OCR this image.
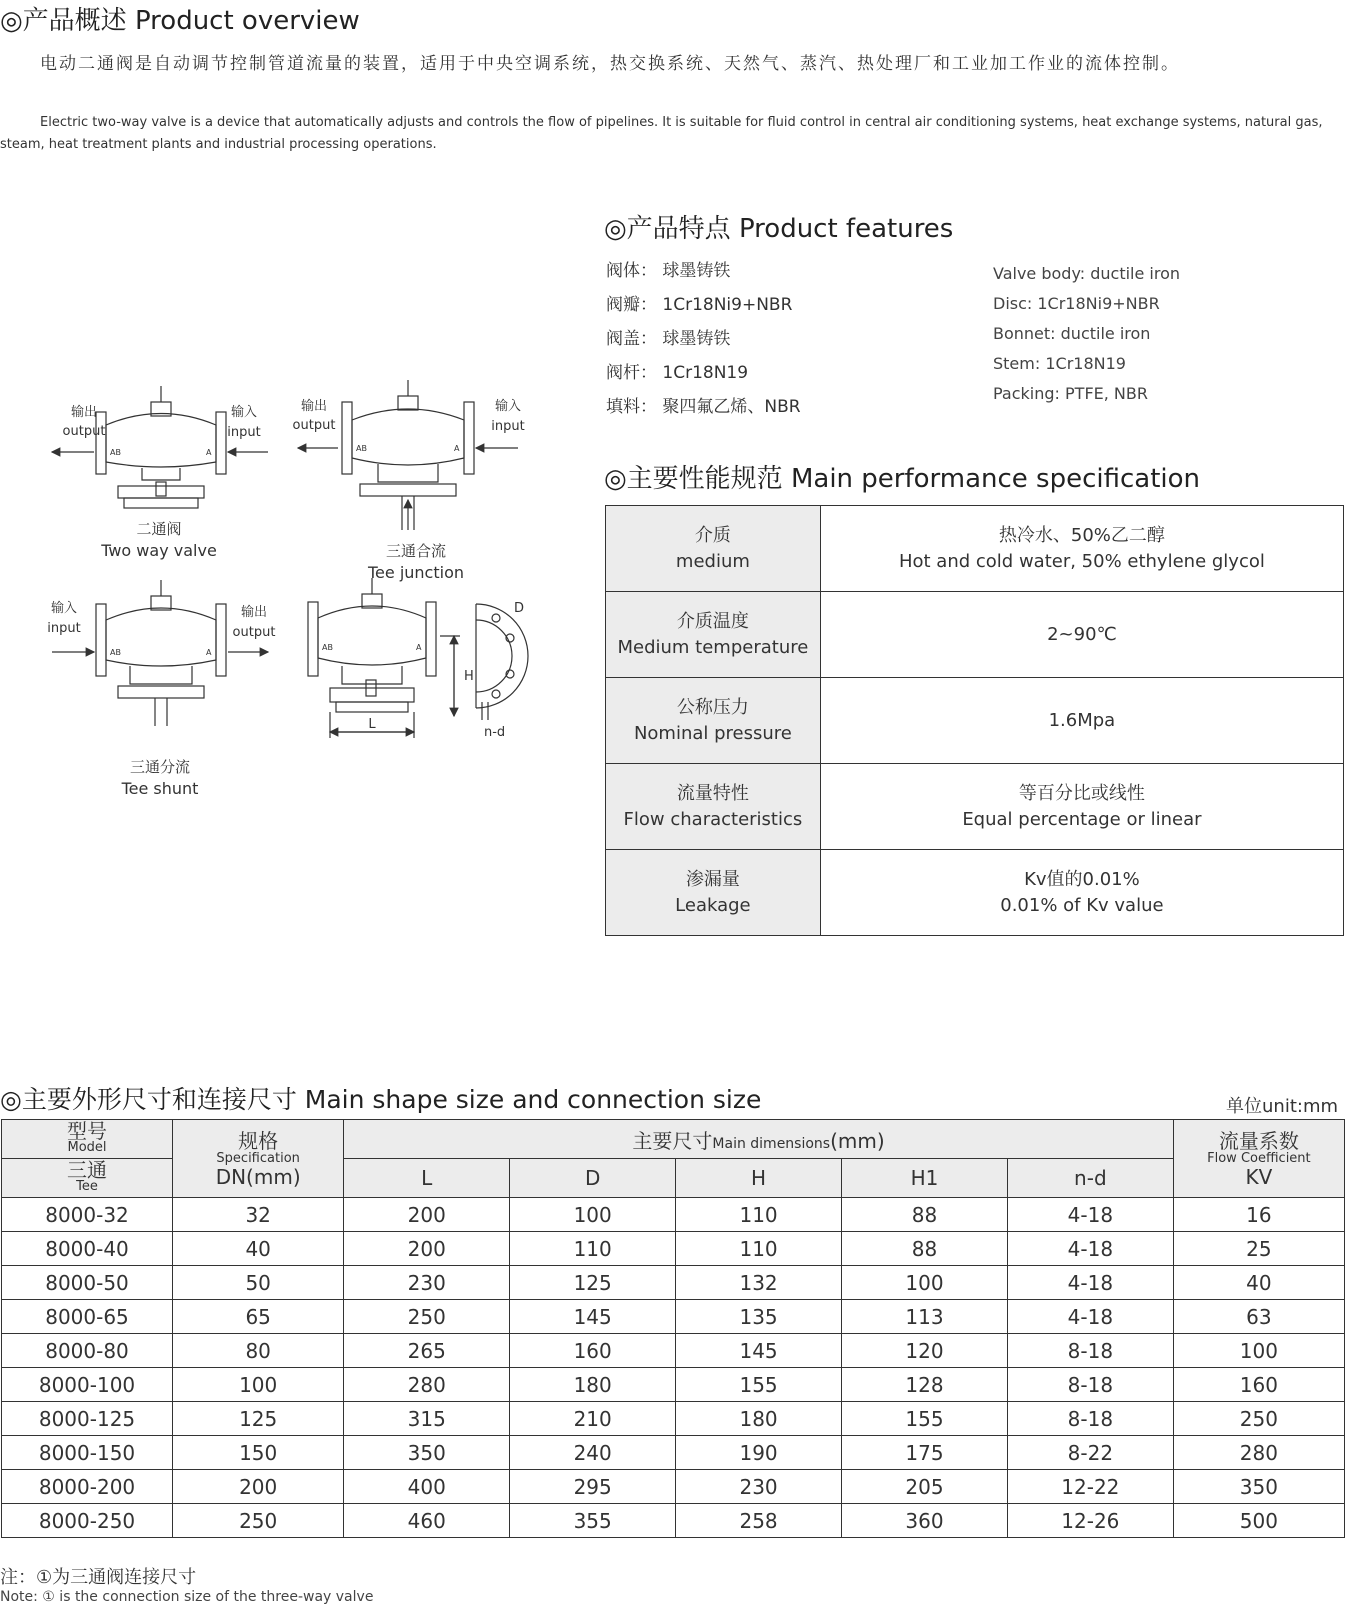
◎产品概述 Product overview
电动二通阀是自动调节控制管道流量的装置，适用于中央空调系统，热交换系统、天然气、蒸汽、热处理厂和工业加工作业的流体控制。
Electric two-way valve is a device that automatically adjusts and controls the flow of pipelines. It is suitable for fluid control in central air conditioning systems, heat exchange systems, natural gas, steam, heat treatment plants and industrial processing operations.
◎产品特点 Product features
阀体： 球墨铸铁
阀瓣： 1Cr18Ni9+NBR
阀盖： 球墨铸铁
阀杆： 1Cr18N19
填料： 聚四氟乙烯、NBR
Valve body: ductile iron
Disc: 1Cr18Ni9+NBR
Bonnet: ductile iron
Stem: 1Cr18N19
Packing: PTFE, NBR
输出
output
输入
input
二通阀
Two way valve
输出
output
输入
input
三通合流
Tee junction
输入
input
输出
output
三通分流
Tee shunt
AB	A	AB	A
AB	A
AB	A
L
H
D
n-d
◎主要性能规范 Main performance specification
介质
medium	热冷水、50%乙二醇
Hot and cold water, 50% ethylene glycol
介质温度
Medium temperature	2~90℃
公称压力
Nominal pressure	1.6Mpa
流量特性
Flow characteristics	等百分比或线性
Equal percentage or linear
渗漏量
Leakage	Kv值的0.01%
0.01% of Kv value
◎主要外形尺寸和连接尺寸 Main shape size and connection size	单位unit:mm
型号
Model	规格
Specification
DN(mm)	主要尺寸Main dimensions(mm)					流量系数
Flow Coefficient
KV
三通
Tee		L	D	H	H1	n-d	
8000-32	32	200	100	110	88	4-18	16
8000-40	40	200	110	110	88	4-18	25
8000-50	50	230	125	132	100	4-18	40
8000-65	65	250	145	135	113	4-18	63
8000-80	80	265	160	145	120	8-18	100
8000-100	100	280	180	155	128	8-18	160
8000-125	125	315	210	180	155	8-18	250
8000-150	150	350	240	190	175	8-22	280
8000-200	200	400	295	230	205	12-22	350
8000-250	250	460	355	258	360	12-26	500
注：①为三通阀连接尺寸
Note: ① is the connection size of the three-way valve
